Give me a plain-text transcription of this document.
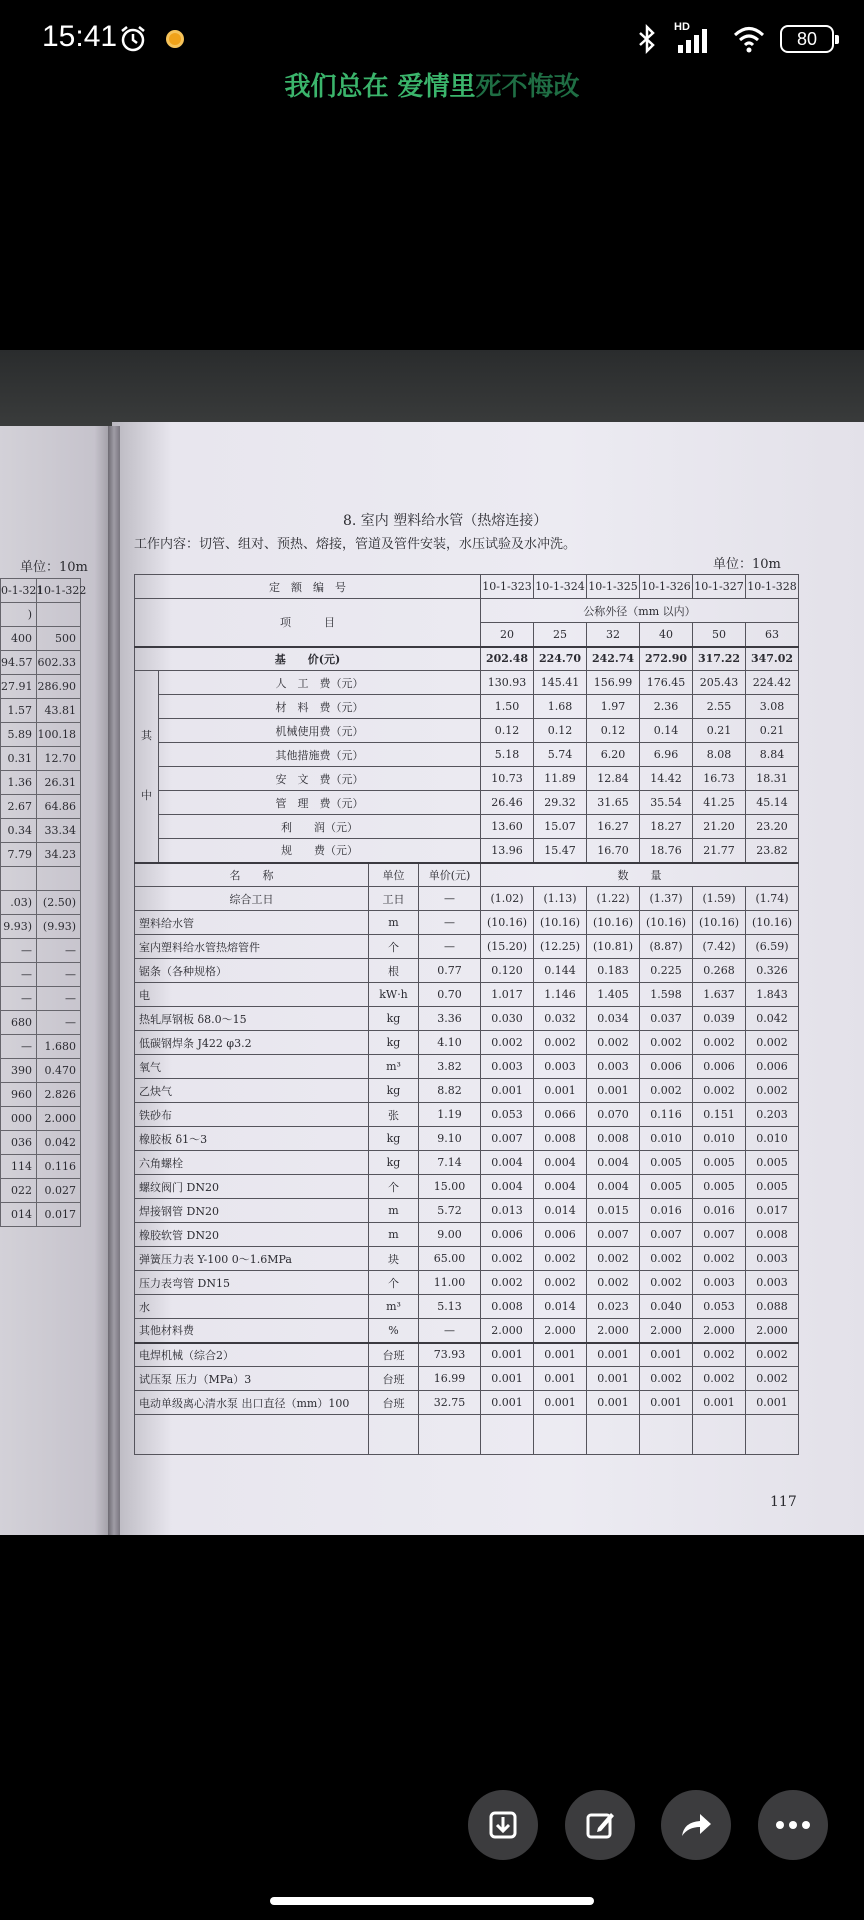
15:41	HD
80
我们总在 爱情里死不悔改
8. 室内 塑料给水管（热熔连接）
工作内容：切管、组对、预热、熔接，管道及管件安装，水压试验及水冲洗。
单位：10m
单位：10m
117
0-1-321	10-1-322
)	
400	500
94.57	602.33
27.91	286.90
1.57	43.81
5.89	100.18
0.31	12.70
1.36	26.31
2.67	64.86
0.34	33.34
7.79	34.23

.03)	(2.50)
9.93)	(9.93)
—	—
—	—
—	—
680	—
—	1.680
390	0.470
960	2.826
000	2.000
036	0.042
114	0.116
022	0.027
014	0.017
定　额　编　号				10-1-323	10-1-324	10-1-325	10-1-326	10-1-327	10-1-328
项　　　目				公称外径（mm 以内）					
				20	25	32	40	50	63
基　　价(元)				202.48	224.70	242.74	272.90	317.22	347.02

其
中	人　工　费（元）			130.93	145.41	156.99	176.45	205.43	224.42
	材　料　费（元）			1.50	1.68	1.97	2.36	2.55	3.08
	机械使用费（元）			0.12	0.12	0.12	0.14	0.21	0.21
	其他措施费（元）			5.18	5.74	6.20	6.96	8.08	8.84
	安　文　费（元）			10.73	11.89	12.84	14.42	16.73	18.31
	管　理　费（元）			26.46	29.32	31.65	35.54	41.25	45.14
	利　　润（元）			13.60	15.07	16.27	18.27	21.20	23.20
	规　　费（元）			13.96	15.47	16.70	18.76	21.77	23.82
名　　称		单位	单价(元)	数　　量					
综合工日		工日	—	(1.02)	(1.13)	(1.22)	(1.37)	(1.59)	(1.74)
塑料给水管		m	—	(10.16)	(10.16)	(10.16)	(10.16)	(10.16)	(10.16)
室内塑料给水管热熔管件		个	—	(15.20)	(12.25)	(10.81)	(8.87)	(7.42)	(6.59)
锯条（各种规格）		根	0.77	0.120	0.144	0.183	0.225	0.268	0.326
电		kW·h	0.70	1.017	1.146	1.405	1.598	1.637	1.843
热轧厚钢板 δ8.0～15		kg	3.36	0.030	0.032	0.034	0.037	0.039	0.042
低碳钢焊条 J422 φ3.2		kg	4.10	0.002	0.002	0.002	0.002	0.002	0.002
氧气		m³	3.82	0.003	0.003	0.003	0.006	0.006	0.006
乙炔气		kg	8.82	0.001	0.001	0.001	0.002	0.002	0.002
铁砂布		张	1.19	0.053	0.066	0.070	0.116	0.151	0.203
橡胶板 δ1～3		kg	9.10	0.007	0.008	0.008	0.010	0.010	0.010
六角螺栓		kg	7.14	0.004	0.004	0.004	0.005	0.005	0.005
螺纹阀门 DN20		个	15.00	0.004	0.004	0.004	0.005	0.005	0.005
焊接钢管 DN20		m	5.72	0.013	0.014	0.015	0.016	0.016	0.017
橡胶软管 DN20		m	9.00	0.006	0.006	0.007	0.007	0.007	0.008
弹簧压力表 Y-100 0～1.6MPa		块	65.00	0.002	0.002	0.002	0.002	0.002	0.003
压力表弯管 DN15		个	11.00	0.002	0.002	0.002	0.002	0.003	0.003
水		m³	5.13	0.008	0.014	0.023	0.040	0.053	0.088
其他材料费		%	—	2.000	2.000	2.000	2.000	2.000	2.000
电焊机械（综合2）		台班	73.93	0.001	0.001	0.001	0.001	0.002	0.002
试压泵 压力（MPa）3		台班	16.99	0.001	0.001	0.001	0.002	0.002	0.002
电动单级离心清水泵 出口直径（mm）100		台班	32.75	0.001	0.001	0.001	0.001	0.001	0.001
